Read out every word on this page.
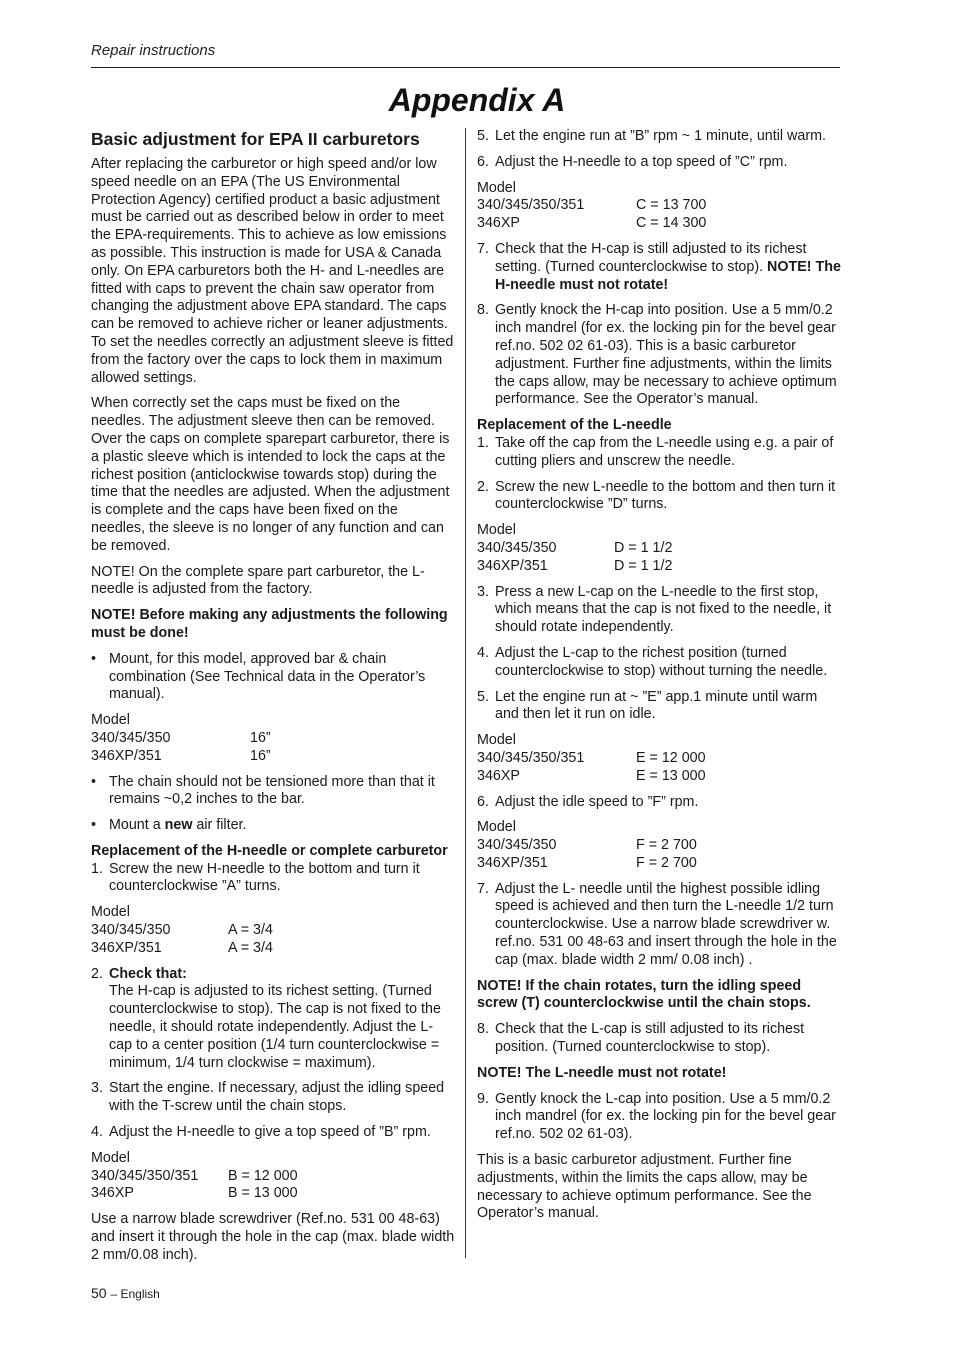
Repair instructions
Appendix A
Basic adjustment for EPA II carburetors

After replacing the carburetor or high speed and/or low speed needle on an EPA (The US Environmental Protection Agency) certified product a basic adjustment must be carried out as described below in order to meet the EPA-requirements. This to achieve as low emissions as possible. This instruction is made for USA & Canada only. On EPA carburetors both the H- and L-needles are fitted with caps to prevent the chain saw operator from changing the adjustment above EPA standard. The caps can be removed to achieve richer or leaner adjustments. To set the needles correctly an adjustment sleeve is fitted from the factory over the caps to lock them in maximum allowed settings.

When correctly set the caps must be fixed on the needles. The adjustment sleeve then can be removed. Over the caps on complete sparepart carburetor, there is a plastic sleeve which is intended to lock the caps at the richest position (anticlockwise towards stop) during the time that the needles are adjusted. When the adjustment is complete and the caps have been fixed on the needles, the sleeve is no longer of any function and can be removed.

NOTE! On the complete spare part carburetor, the L-needle is adjusted from the factory.

NOTE! Before making any adjustments the following must be done!

• Mount, for this model, approved bar & chain combination (See Technical data in the Operator’s manual).
Model
340/345/350	16”
346XP/351	16”
• The chain should not be tensioned more than that it remains ~0,2 inches to the bar.
• Mount a new air filter.
Replacement of the H-needle or complete carburetor
1. Screw the new H-needle to the bottom and turn it counterclockwise ”A” turns.
Model
340/345/350	A = 3/4
346XP/351	A = 3/4
2. Check that:
The H-cap is adjusted to its richest setting. (Turned counterclockwise to stop). The cap is not fixed to the needle, it should rotate independently. Adjust the L-cap to a center position (1/4 turn counterclockwise = minimum, 1/4 turn clockwise = maximum).
3. Start the engine. If necessary, adjust the idling speed with the T-screw until the chain stops.
4. Adjust the H-needle to give a top speed of ”B” rpm.
Model
340/345/350/351	B = 12 000
346XP	B = 13 000

Use a narrow blade screwdriver (Ref.no. 531 00 48-63) and insert it through the hole in the cap (max. blade width 2 mm/0.08 inch).

5. Let the engine run at ”B” rpm ~ 1 minute, until warm.
6. Adjust the H-needle to a top speed of ”C” rpm.
Model
340/345/350/351	C = 13 700
346XP	C = 14 300
7. Check that the H-cap is still adjusted to its richest setting. (Turned counterclockwise to stop). NOTE! The H-needle must not rotate!
8. Gently knock the H-cap into position. Use a 5 mm/0.2 inch mandrel (for ex. the locking pin for the bevel gear ref.no. 502 02 61-03). This is a basic carburetor adjustment. Further fine adjustments, within the limits the caps allow, may be necessary to achieve optimum performance. See the Operator’s manual.
Replacement of the L-needle
1. Take off the cap from the L-needle using e.g. a pair of cutting pliers and unscrew the needle.
2. Screw the new L-needle to the bottom and then turn it counterclockwise ”D” turns.
Model
340/345/350	D = 1 1/2
346XP/351	D = 1 1/2
3. Press a new L-cap on the L-needle to the first stop, which means that the cap is not fixed to the needle, it should rotate independently.
4. Adjust the L-cap to the richest position (turned counterclockwise to stop) without turning the needle.
5. Let the engine run at ~ ”E” app.1 minute until warm and then let it run on idle.
Model
340/345/350/351	E = 12 000
346XP	E = 13 000
6. Adjust the idle speed to ”F” rpm.
Model
340/345/350	F = 2 700
346XP/351	F = 2 700
7. Adjust the L- needle until the highest possible idling speed is achieved and then turn the L-needle 1/2 turn counterclockwise. Use a narrow blade screwdriver w. ref.no. 531 00 48-63 and insert through the hole in the cap (max. blade width 2 mm/ 0.08 inch) .

NOTE! If the chain rotates, turn the idling speed screw (T) counterclockwise until the chain stops.

8. Check that the L-cap is still adjusted to its richest position. (Turned counterclockwise to stop).

NOTE! The L-needle must not rotate!

9. Gently knock the L-cap into position. Use a 5 mm/0.2 inch mandrel (for ex. the locking pin for the bevel gear ref.no. 502 02 61-03).

This is a basic carburetor adjustment. Further fine adjustments, within the limits the caps allow, may be necessary to achieve optimum performance. See the Operator’s manual.

50 – English
